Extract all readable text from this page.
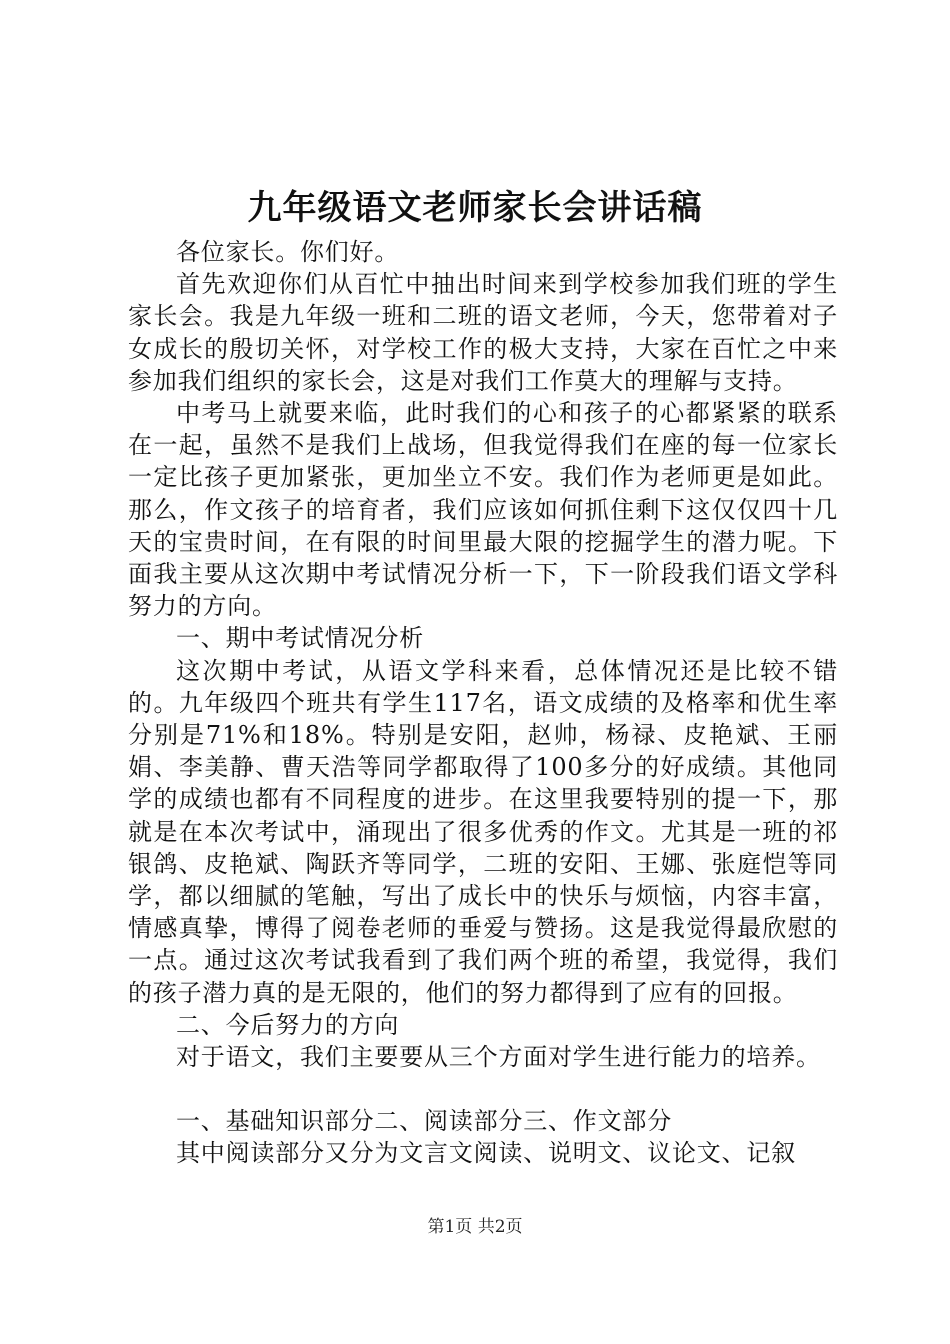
九年级语文老师家长会讲话稿

各位家长。你们好。

首先欢迎你们从百忙中抽出时间来到学校参加我们班的学生家长会。我是九年级一班和二班的语文老师，今天，您带着对子女成长的殷切关怀，对学校工作的极大支持，大家在百忙之中来参加我们组织的家长会，这是对我们工作莫大的理解与支持。

中考马上就要来临，此时我们的心和孩子的心都紧紧的联系在一起，虽然不是我们上战场，但我觉得我们在座的每一位家长一定比孩子更加紧张，更加坐立不安。我们作为老师更是如此。那么，作文孩子的培育者，我们应该如何抓住剩下这仅仅四十几天的宝贵时间，在有限的时间里最大限的挖掘学生的潜力呢。下面我主要从这次期中考试情况分析一下，下一阶段我们语文学科努力的方向。

一、期中考试情况分析

这次期中考试，从语文学科来看，总体情况还是比较不错的。九年级四个班共有学生117名，语文成绩的及格率和优生率分别是71%和18%。特别是安阳，赵帅，杨禄、皮艳斌、王丽娟、李美静、曹天浩等同学都取得了100多分的好成绩。其他同学的成绩也都有不同程度的进步。在这里我要特别的提一下，那就是在本次考试中，涌现出了很多优秀的作文。尤其是一班的祁银鸽、皮艳斌、陶跃齐等同学，二班的安阳、王娜、张庭恺等同学，都以细腻的笔触，写出了成长中的快乐与烦恼，内容丰富，情感真挚，博得了阅卷老师的垂爱与赞扬。这是我觉得最欣慰的一点。通过这次考试我看到了我们两个班的希望，我觉得，我们的孩子潜力真的是无限的，他们的努力都得到了应有的回报。

二、今后努力的方向

对于语文，我们主要要从三个方面对学生进行能力的培养。

一、基础知识部分二、阅读部分三、作文部分

其中阅读部分又分为文言文阅读、说明文、议论文、记叙

第1页 共2页
